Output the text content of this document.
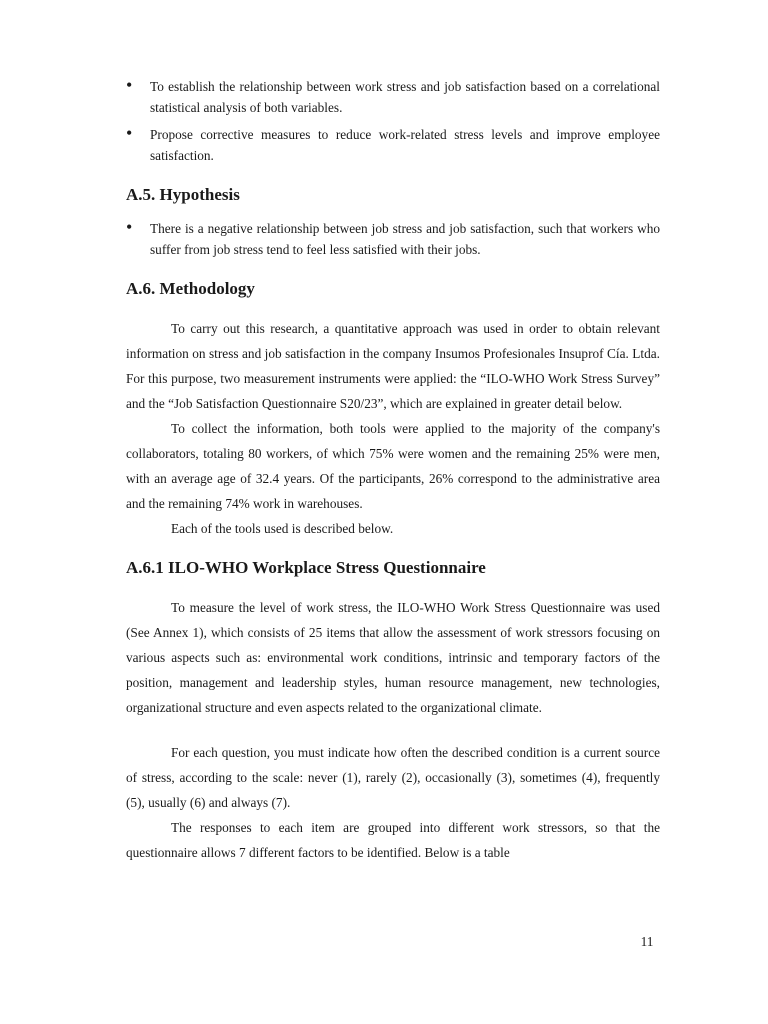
• To establish the relationship between work stress and job satisfaction based on a correlational statistical analysis of both variables.
• Propose corrective measures to reduce work-related stress levels and improve employee satisfaction.
A.5. Hypothesis
• There is a negative relationship between job stress and job satisfaction, such that workers who suffer from job stress tend to feel less satisfied with their jobs.
A.6. Methodology

To carry out this research, a quantitative approach was used in order to obtain relevant information on stress and job satisfaction in the company Insumos Profesionales Insuprof Cía. Ltda. For this purpose, two measurement instruments were applied: the “ILO-WHO Work Stress Survey” and the “Job Satisfaction Questionnaire S20/23”, which are explained in greater detail below.

To collect the information, both tools were applied to the majority of the company's collaborators, totaling 80 workers, of which 75% were women and the remaining 25% were men, with an average age of 32.4 years. Of the participants, 26% correspond to the administrative area and the remaining 74% work in warehouses.

Each of the tools used is described below.

A.6.1 ILO-WHO Workplace Stress Questionnaire

To measure the level of work stress, the ILO-WHO Work Stress Questionnaire was used (See Annex 1), which consists of 25 items that allow the assessment of work stressors focusing on various aspects such as: environmental work conditions, intrinsic and temporary factors of the position, management and leadership styles, human resource management, new technologies, organizational structure and even aspects related to the organizational climate.

For each question, you must indicate how often the described condition is a current source of stress, according to the scale: never (1), rarely (2), occasionally (3), sometimes (4), frequently (5), usually (6) and always (7).

The responses to each item are grouped into different work stressors, so that the questionnaire allows 7 different factors to be identified. Below is a table

11
